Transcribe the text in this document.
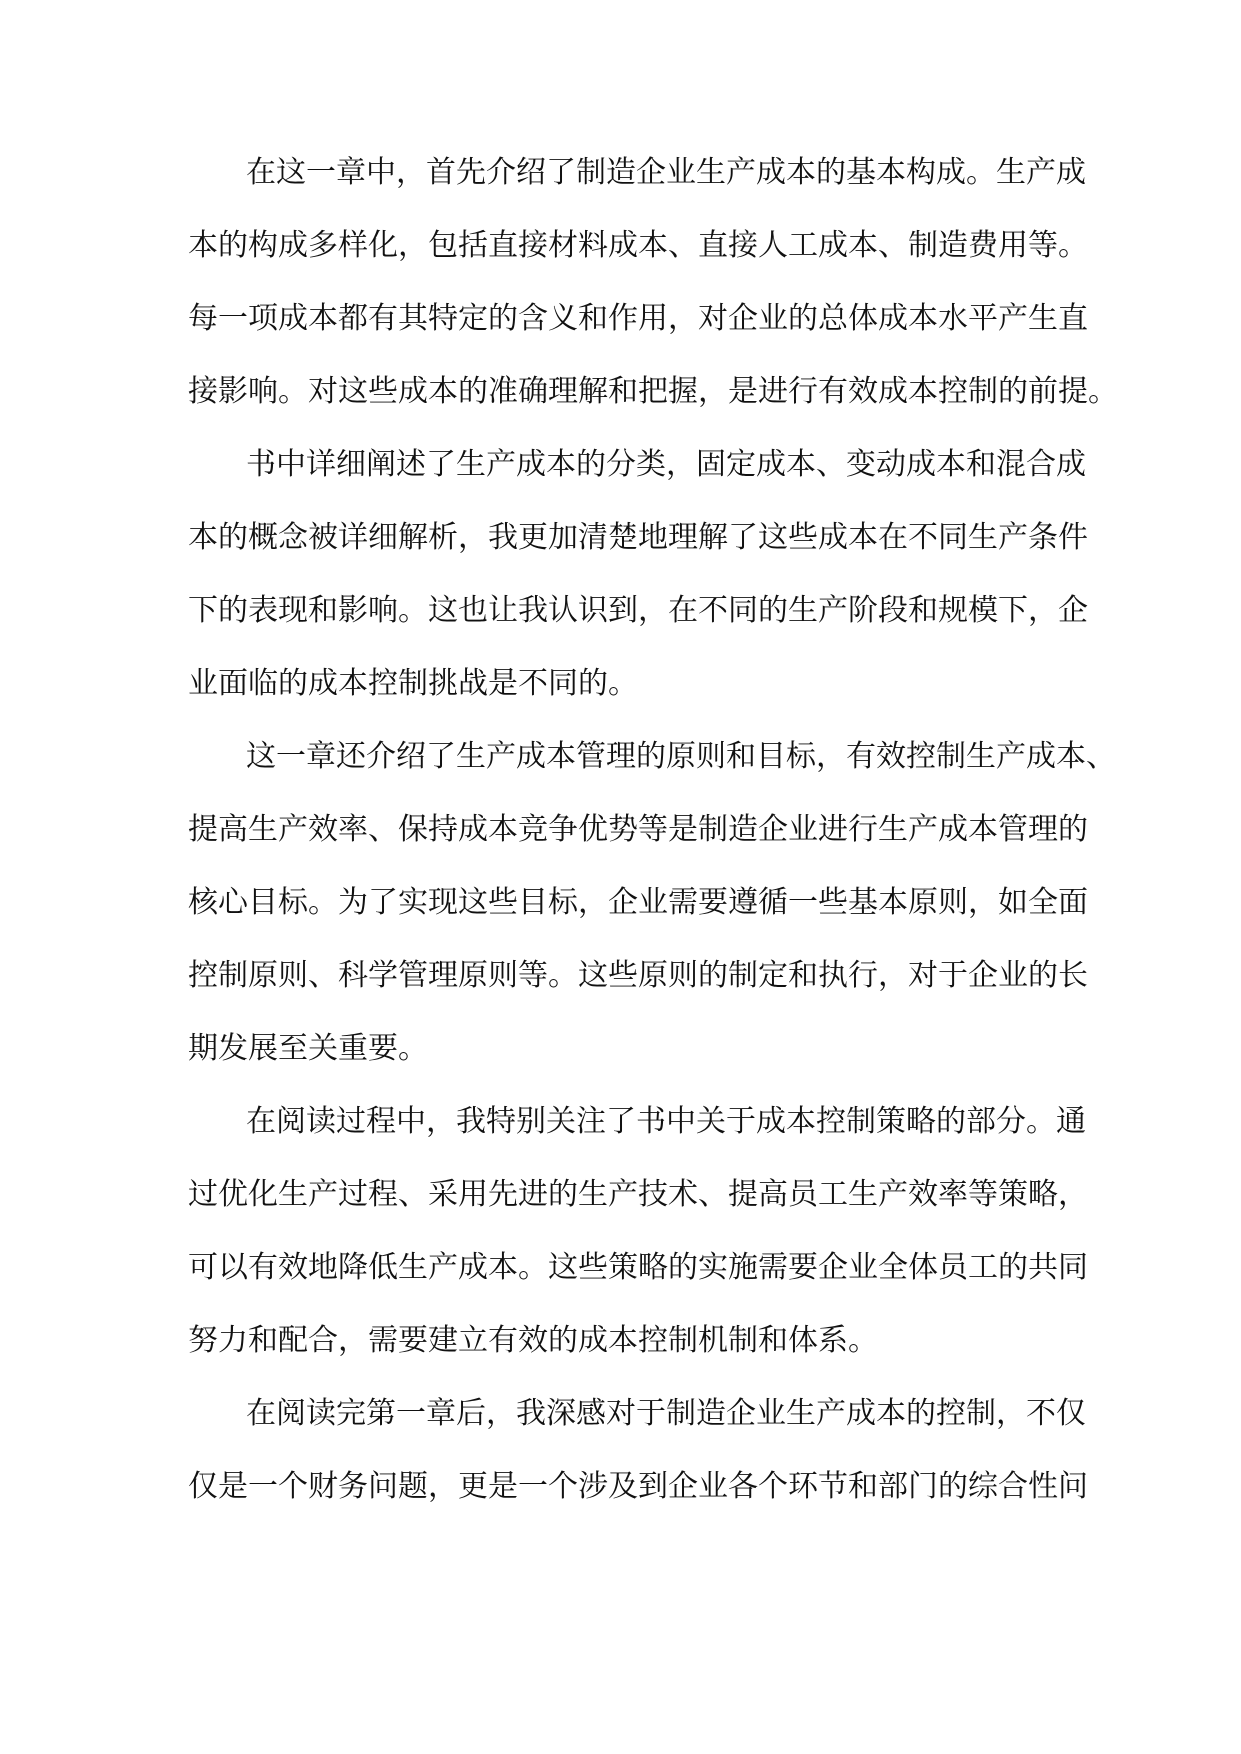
在这一章中，首先介绍了制造企业生产成本的基本构成。生产成
本的构成多样化，包括直接材料成本、直接人工成本、制造费用等。
每一项成本都有其特定的含义和作用，对企业的总体成本水平产生直
接影响。对这些成本的准确理解和把握，是进行有效成本控制的前提。
书中详细阐述了生产成本的分类，固定成本、变动成本和混合成
本的概念被详细解析，我更加清楚地理解了这些成本在不同生产条件
下的表现和影响。这也让我认识到，在不同的生产阶段和规模下，企
业面临的成本控制挑战是不同的。
这一章还介绍了生产成本管理的原则和目标，有效控制生产成本、
提高生产效率、保持成本竞争优势等是制造企业进行生产成本管理的
核心目标。为了实现这些目标，企业需要遵循一些基本原则，如全面
控制原则、科学管理原则等。这些原则的制定和执行，对于企业的长
期发展至关重要。
在阅读过程中，我特别关注了书中关于成本控制策略的部分。通
过优化生产过程、采用先进的生产技术、提高员工生产效率等策略，
可以有效地降低生产成本。这些策略的实施需要企业全体员工的共同
努力和配合，需要建立有效的成本控制机制和体系。
在阅读完第一章后，我深感对于制造企业生产成本的控制，不仅
仅是一个财务问题，更是一个涉及到企业各个环节和部门的综合性问
